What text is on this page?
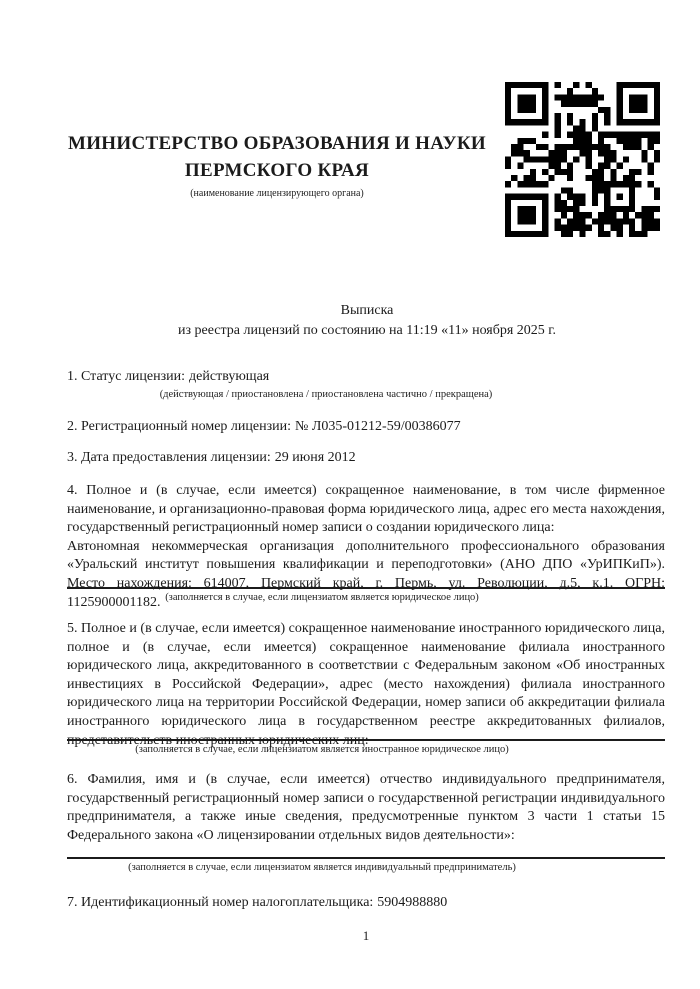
МИНИСТЕРСТВО ОБРАЗОВАНИЯ И НАУКИ
ПЕРМСКОГО КРАЯ
(наименование лицензирующего органа)
Выписка
из реестра лицензий по состоянию на 11:19 «11» ноября 2025 г.
1. Статус лицензии: действующая
(действующая / приостановлена / приостановлена частично / прекращена)
2. Регистрационный номер лицензии: № Л035-01212-59/00386077
3. Дата предоставления лицензии: 29 июня 2012

4. Полное и (в случае, если имеется) сокращенное наименование, в том числе фирменное наименование, и организационно-правовая форма юридического лица, адрес его места нахождения, государственный регистрационный номер записи о создании юридического лица:

Автономная некоммерческая организация дополнительного профессионального образования «Уральский институт повышения квалификации и переподготовки» (АНО ДПО «УрИПКиП»). Место нахождения: 614007, Пермский край, г. Пермь, ул. Революции, д.5, к.1. ОГРН: 1125900001182. (заполняется в случае, если лицензиатом является юридическое лицо)

5. Полное и (в случае, если имеется) сокращенное наименование иностранного юридического лица, полное и (в случае, если имеется) сокращенное наименование филиала иностранного юридического лица, аккредитованного в соответствии с Федеральным законом «Об иностранных инвестициях в Российской Федерации», адрес (место нахождения) филиала иностранного юридического лица на территории Российской Федерации, номер записи об аккредитации филиала иностранного юридического лица в государственном реестре аккредитованных филиалов, представительств иностранных юридических лиц:

(заполняется в случае, если лицензиатом является иностранное юридическое лицо)

6. Фамилия, имя и (в случае, если имеется) отчество индивидуального предпринимателя, государственный регистрационный номер записи о государственной регистрации индивидуального предпринимателя, а также иные сведения, предусмотренные пунктом 3 части 1 статьи 15 Федерального закона «О лицензировании отдельных видов деятельности»:

(заполняется в случае, если лицензиатом является индивидуальный предприниматель)
7. Идентификационный номер налогоплательщика: 5904988880
1
